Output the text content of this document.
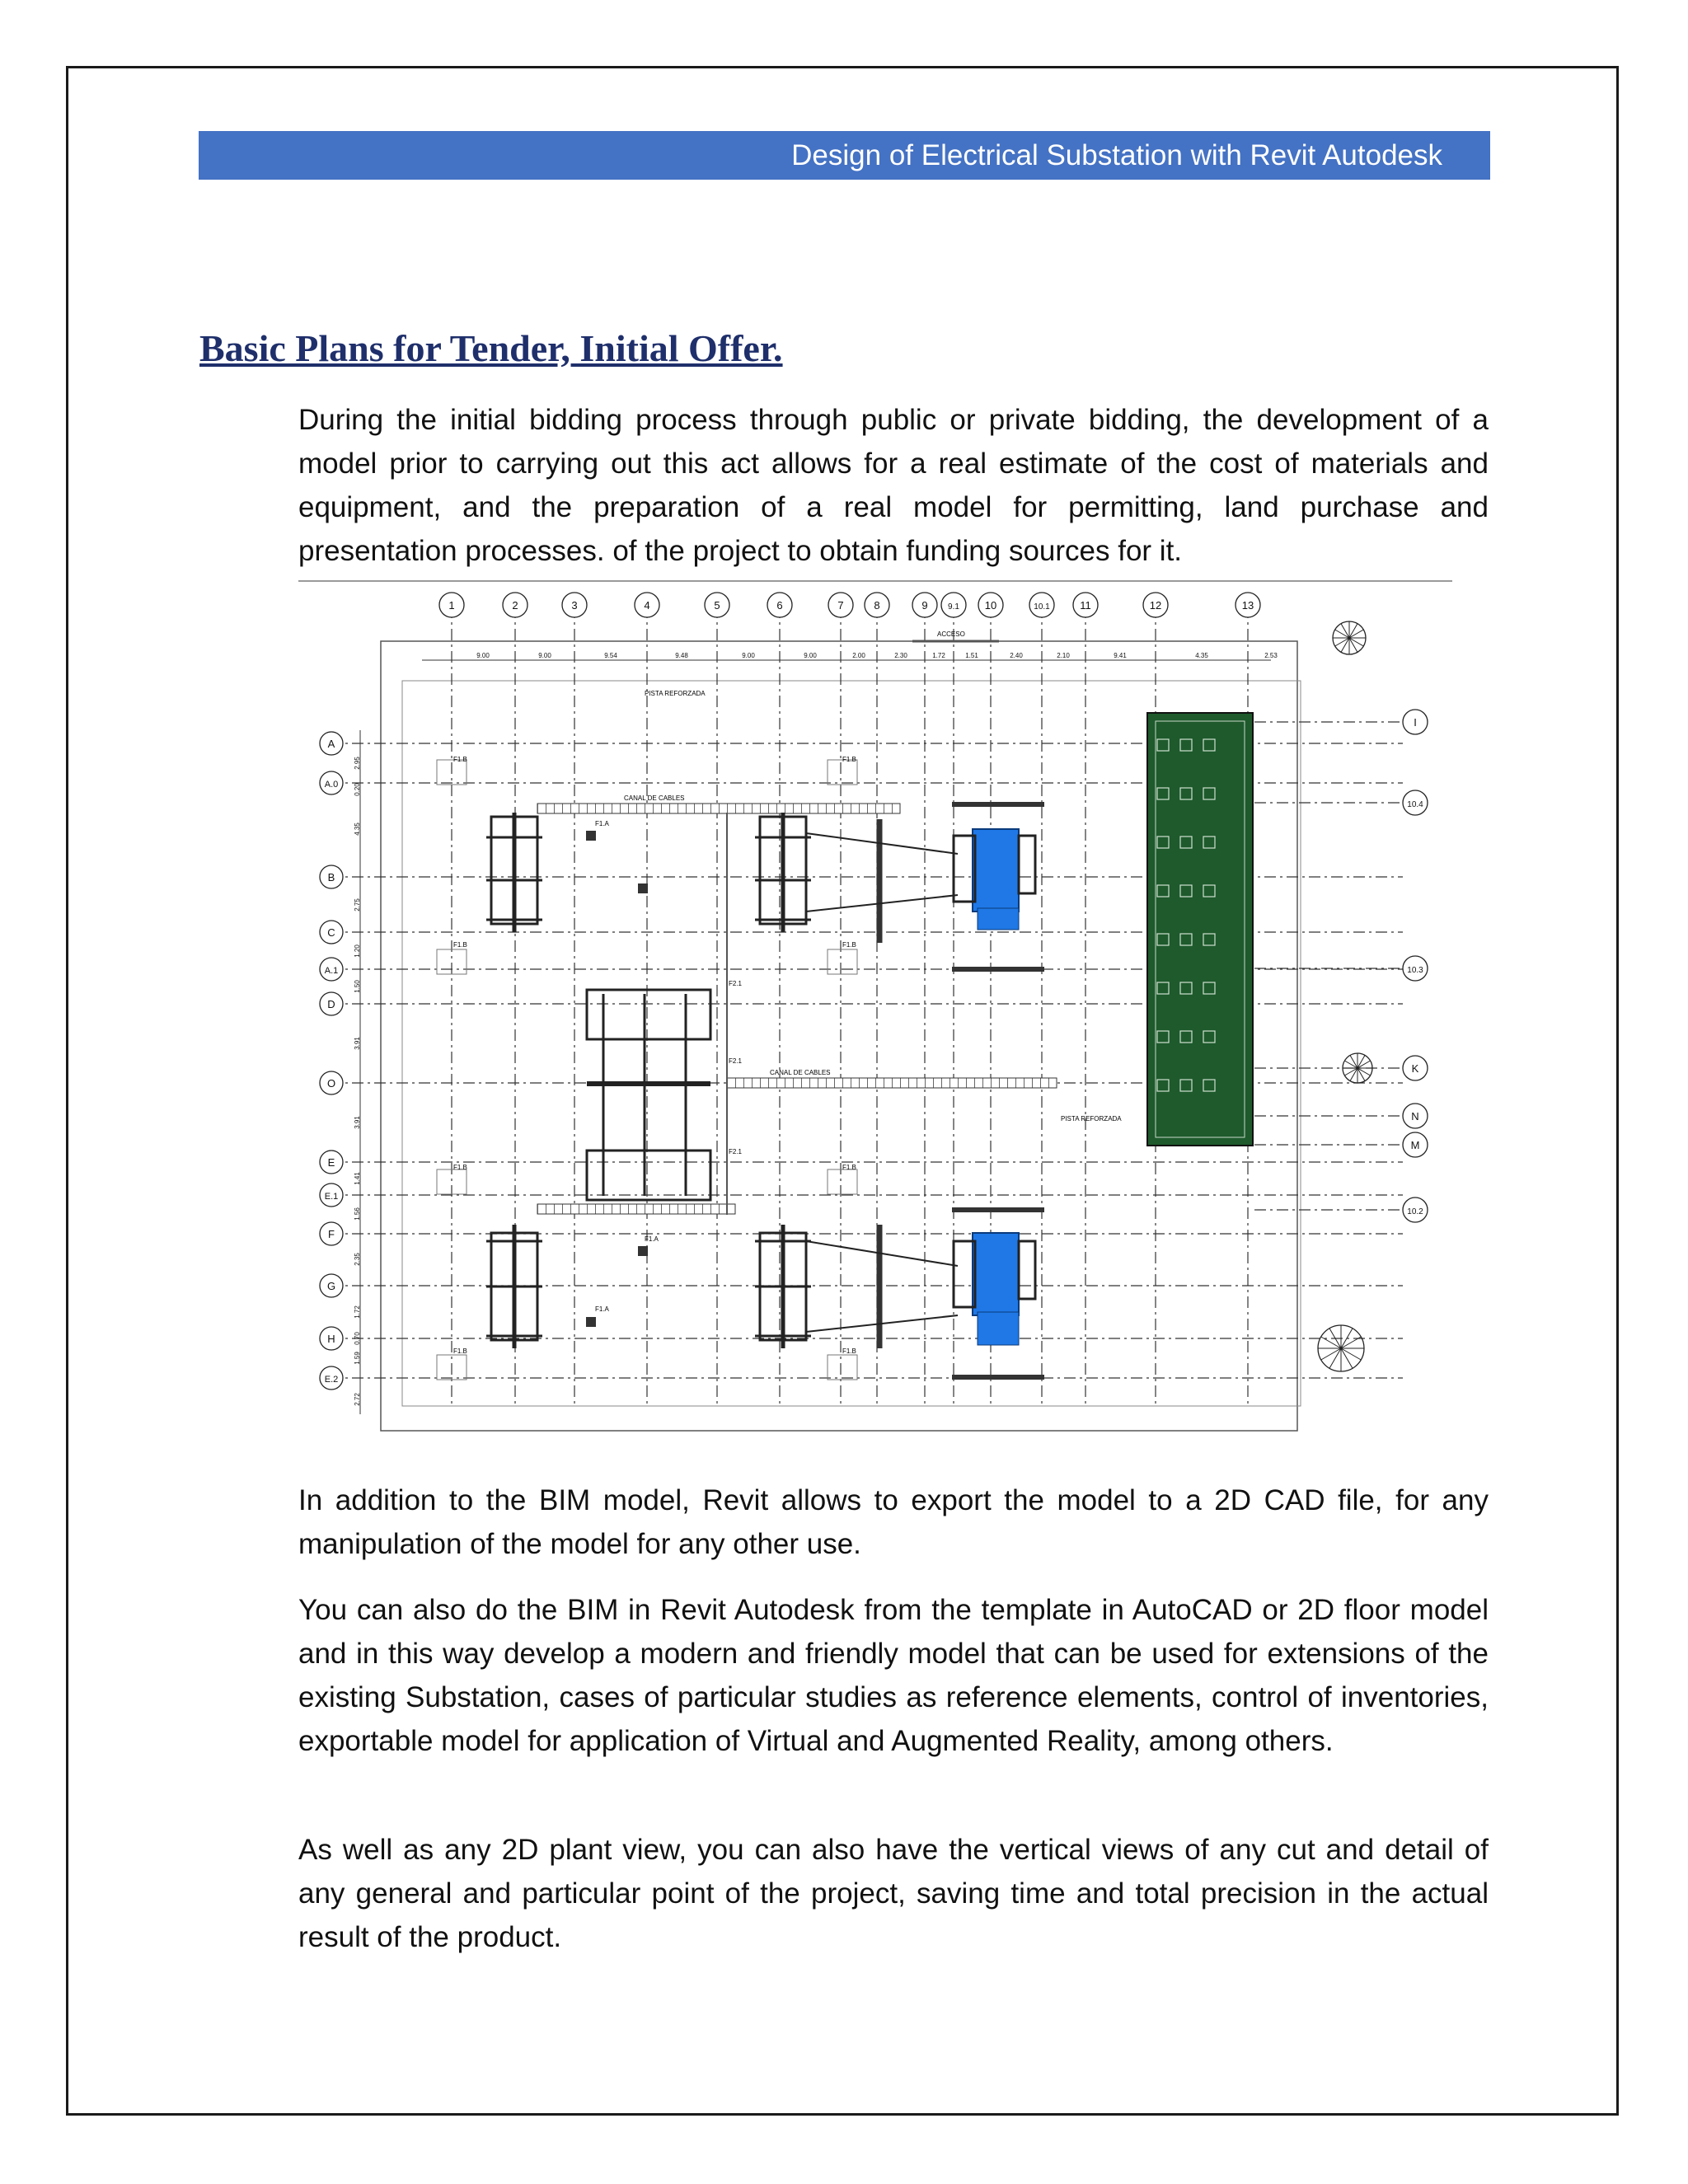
Design of Electrical Substation with Revit Autodesk
Basic Plans for Tender, Initial Offer.

During the initial bidding process through public or private bidding, the development of a model prior to carrying out this act allows for a real estimate of the cost of materials and equipment, and the preparation of a real model for permitting, land purchase and presentation processes. of the project to obtain funding sources for it.

ACCESO
PISTA REFORZADA
PISTA REFORZADA
CANAL DE CABLES
CANAL DE CABLES
F1.B	F1.B
F1.B	F1.B
F1.B	F1.B
F1.B	F1.B
F1.A
F1.A
F1.A
F2.1
F2.1
F2.1
1	2	3	4	5	6	7	8	9 9.1 10	10.1	11	12	13
A
A.0
B
C
A.1
D
O
E
E.1
F
G
H
E.2
I
10.4
10.3
K
N
M
10.2
9.00	9.00	9.54	9.48	9.00	9.00	2.00	2.30	1.72	1.51	2.40	2.10	9.41	4.35	2.53
2.95
0.20
4.35
2.75
1.20
1.50
3.91
3.91
1.41
1.56
2.35
1.72
0.70
1.59
2.72

In addition to the BIM model, Revit allows to export the model to a 2D CAD file, for any manipulation of the model for any other use.

You can also do the BIM in Revit Autodesk from the template in AutoCAD or 2D floor model and in this way develop a modern and friendly model that can be used for extensions of the existing Substation, cases of particular studies as reference elements, control of inventories, exportable model for application of Virtual and Augmented Reality, among others.

As well as any 2D plant view, you can also have the vertical views of any cut and detail of any general and particular point of the project, saving time and total precision in the actual result of the product.
